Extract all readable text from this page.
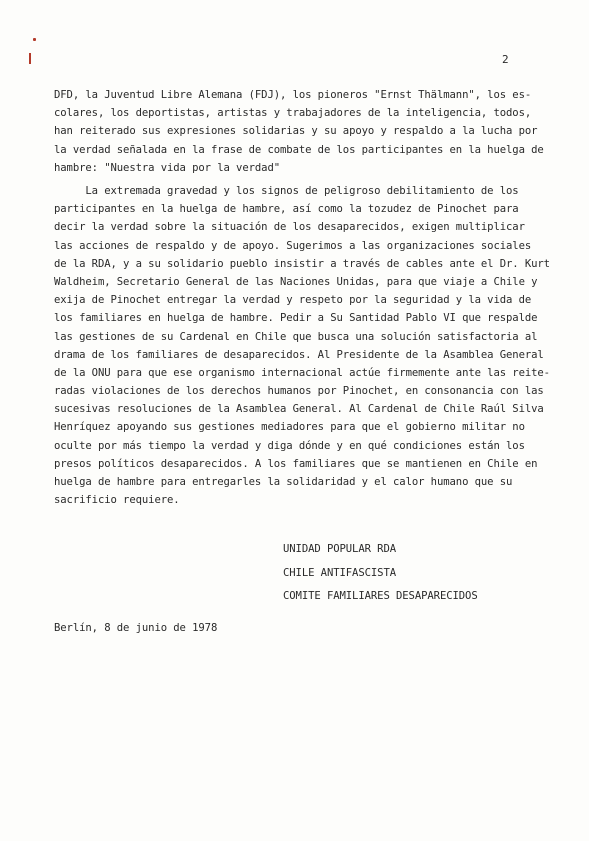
2
DFD, la Juventud Libre Alemana (FDJ), los pioneros "Ernst Thälmann", los es-
colares, los deportistas, artistas y trabajadores de la inteligencia, todos,
han reiterado sus expresiones solidarias y su apoyo y respaldo a la lucha por
la verdad señalada en la frase de combate de los participantes en la huelga de
hambre: "Nuestra vida por la verdad"
La extremada gravedad y los signos de peligroso debilitamiento de los
participantes en la huelga de hambre, así como la tozudez de Pinochet para
decir la verdad sobre la situación de los desaparecidos, exigen multiplicar
las acciones de respaldo y de apoyo. Sugerimos a las organizaciones sociales
de la RDA, y a su solidario pueblo insistir a través de cables ante el Dr. Kurt
Waldheim, Secretario General de las Naciones Unidas, para que viaje a Chile y
exija de Pinochet entregar la verdad y respeto por la seguridad y la vida de
los familiares en huelga de hambre. Pedir a Su Santidad Pablo VI que respalde
las gestiones de su Cardenal en Chile que busca una solución satisfactoria al
drama de los familiares de desaparecidos. Al Presidente de la Asamblea General
de la ONU para que ese organismo internacional actúe firmemente ante las reite-
radas violaciones de los derechos humanos por Pinochet, en consonancia con las
sucesivas resoluciones de la Asamblea General. Al Cardenal de Chile Raúl Silva
Henríquez apoyando sus gestiones mediadores para que el gobierno militar no
oculte por más tiempo la verdad y diga dónde y en qué condiciones están los
presos políticos desaparecidos. A los familiares que se mantienen en Chile en
huelga de hambre para entregarles la solidaridad y el calor humano que su
sacrificio requiere.
UNIDAD POPULAR RDA
CHILE ANTIFASCISTA
COMITE FAMILIARES DESAPARECIDOS
Berlín, 8 de junio de 1978
